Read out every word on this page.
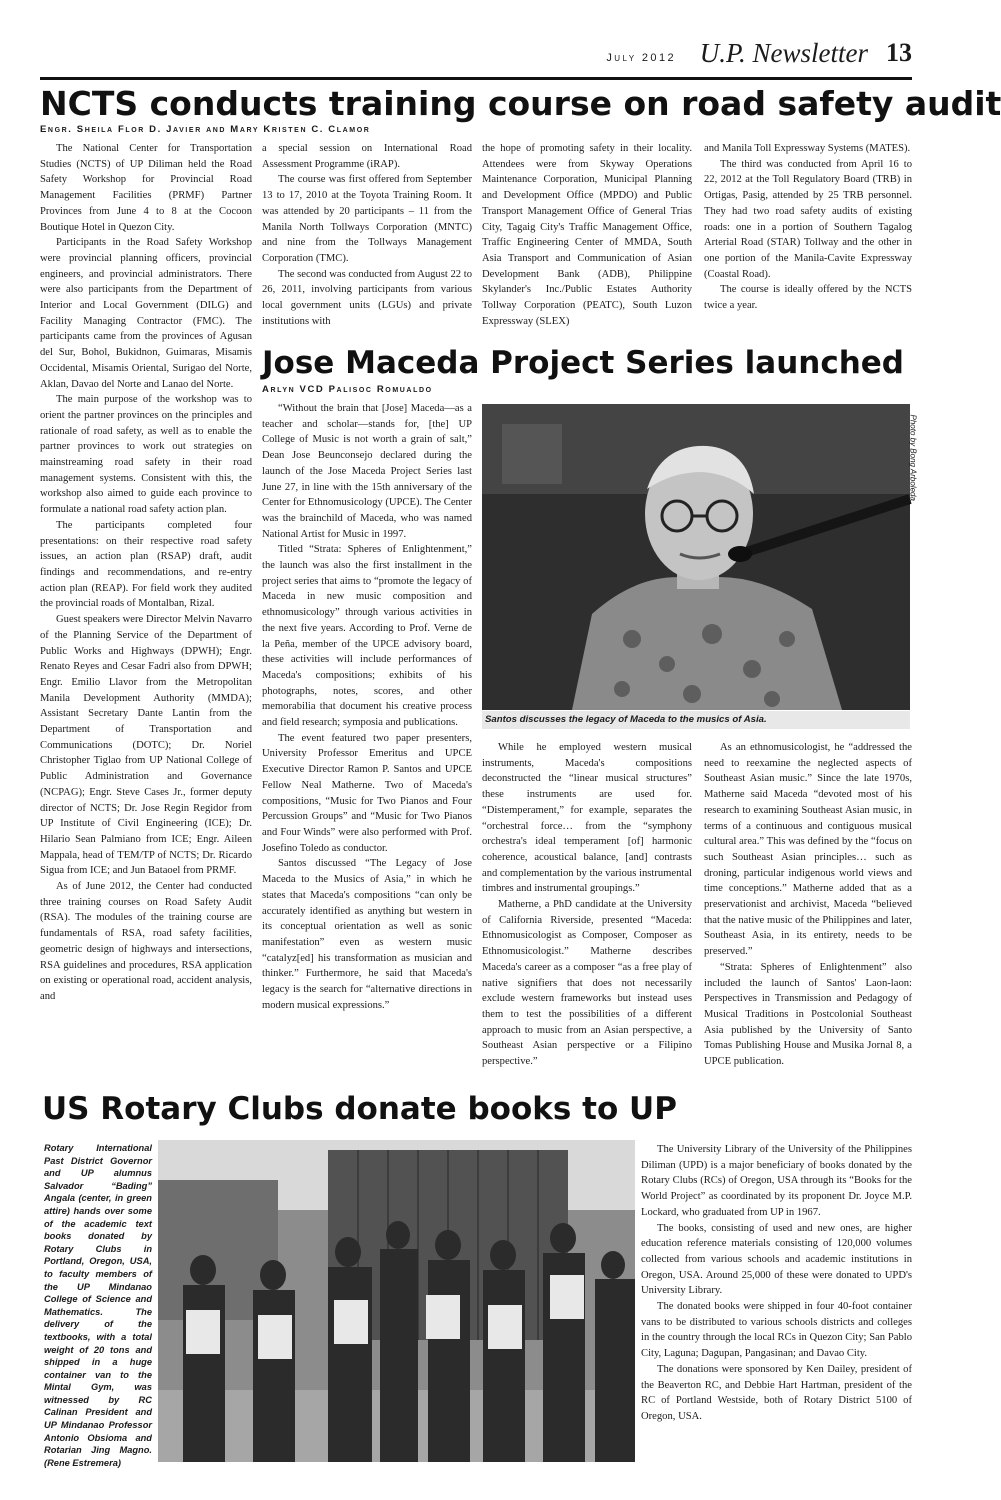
July 2012 U.P. Newsletter 13
NCTS conducts training course on road safety audit
Engr. Sheila Flor D. Javier and Mary Kristen C. Clamor

The National Center for Transportation Studies (NCTS) of UP Diliman held the Road Safety Workshop for Provincial Road Management Facilities (PRMF) Partner Provinces from June 4 to 8 at the Cocoon Boutique Hotel in Quezon City.

Participants in the Road Safety Workshop were provincial planning officers, provincial engineers, and provincial administrators. There were also participants from the Department of Interior and Local Government (DILG) and Facility Managing Contractor (FMC). The participants came from the provinces of Agusan del Sur, Bohol, Bukidnon, Guimaras, Misamis Occidental, Misamis Oriental, Surigao del Norte, Aklan, Davao del Norte and Lanao del Norte.

The main purpose of the workshop was to orient the partner provinces on the principles and rationale of road safety, as well as to enable the partner provinces to work out strategies on mainstreaming road safety in their road management systems. Consistent with this, the workshop also aimed to guide each province to formulate a national road safety action plan.

The participants completed four presentations: on their respective road safety issues, an action plan (RSAP) draft, audit findings and recommendations, and re-entry action plan (REAP). For field work they audited the provincial roads of Montalban, Rizal.

Guest speakers were Director Melvin Navarro of the Planning Service of the Department of Public Works and Highways (DPWH); Engr. Renato Reyes and Cesar Fadri also from DPWH; Engr. Emilio Llavor from the Metropolitan Manila Development Authority (MMDA); Assistant Secretary Dante Lantin from the Department of Transportation and Communications (DOTC); Dr. Noriel Christopher Tiglao from UP National College of Public Administration and Governance (NCPAG); Engr. Steve Cases Jr., former deputy director of NCTS; Dr. Jose Regin Regidor from UP Institute of Civil Engineering (ICE); Dr. Hilario Sean Palmiano from ICE; Engr. Aileen Mappala, head of TEM/TP of NCTS; Dr. Ricardo Sigua from ICE; and Jun Bataoel from PRMF.

As of June 2012, the Center had conducted three training courses on Road Safety Audit (RSA). The modules of the training course are fundamentals of RSA, road safety facilities, geometric design of highways and intersections, RSA guidelines and procedures, RSA application on existing or operational road, accident analysis, and

a special session on International Road Assessment Programme (iRAP).

The course was first offered from September 13 to 17, 2010 at the Toyota Training Room. It was attended by 20 participants – 11 from the Manila North Tollways Corporation (MNTC) and nine from the Tollways Management Corporation (TMC).

The second was conducted from August 22 to 26, 2011, involving participants from various local government units (LGUs) and private institutions with

the hope of promoting safety in their locality. Attendees were from Skyway Operations Maintenance Corporation, Municipal Planning and Development Office (MPDO) and Public Transport Management Office of General Trias City, Tagaig City's Traffic Management Office, Traffic Engineering Center of MMDA, South Asia Transport and Communication of Asian Development Bank (ADB), Philippine Skylander's Inc./Public Estates Authority Tollway Corporation (PEATC), South Luzon Expressway (SLEX)

and Manila Toll Expressway Systems (MATES).

The third was conducted from April 16 to 22, 2012 at the Toll Regulatory Board (TRB) in Ortigas, Pasig, attended by 25 TRB personnel. They had two road safety audits of existing roads: one in a portion of Southern Tagalog Arterial Road (STAR) Tollway and the other in one portion of the Manila-Cavite Expressway (Coastal Road).

The course is ideally offered by the NCTS twice a year.

Jose Maceda Project Series launched
Arlyn VCD Palisoc Romualdo

“Without the brain that [Jose] Maceda—as a teacher and scholar—stands for, [the] UP College of Music is not worth a grain of salt,” Dean Jose Beunconsejo declared during the launch of the Jose Maceda Project Series last June 27, in line with the 15th anniversary of the Center for Ethnomusicology (UPCE). The Center was the brainchild of Maceda, who was named National Artist for Music in 1997.

Titled “Strata: Spheres of Enlightenment,” the launch was also the first installment in the project series that aims to “promote the legacy of Maceda in new music composition and ethnomusicology” through various activities in the next five years. According to Prof. Verne de la Peña, member of the UPCE advisory board, these activities will include performances of Maceda's compositions; exhibits of his photographs, notes, scores, and other memorabilia that document his creative process and field research; symposia and publications.

The event featured two paper presenters, University Professor Emeritus and UPCE Executive Director Ramon P. Santos and UPCE Fellow Neal Matherne. Two of Maceda's compositions, “Music for Two Pianos and Four Percussion Groups” and “Music for Two Pianos and Four Winds” were also performed with Prof. Josefino Toledo as conductor.

Santos discussed “The Legacy of Jose Maceda to the Musics of Asia,” in which he states that Maceda's compositions “can only be accurately identified as anything but western in its conceptual orientation as well as sonic manifestation” even as western music “catalyz[ed] his transformation as musician and thinker.” Furthermore, he said that Maceda's legacy is the search for “alternative directions in modern musical expressions.”

Santos discusses the legacy of Maceda to the musics of Asia.
Photo by Bong Arboleda

While he employed western musical instruments, Maceda's compositions deconstructed the “linear musical structures” these instruments are used for. “Distemperament,” for example, separates the “orchestral force… from the “symphony orchestra's ideal temperament [of] harmonic coherence, acoustical balance, [and] contrasts and complementation by the various instrumental timbres and instrumental groupings.”

Matherne, a PhD candidate at the University of California Riverside, presented “Maceda: Ethnomusicologist as Composer, Composer as Ethnomusicologist.” Matherne describes Maceda's career as a composer “as a free play of native signifiers that does not necessarily exclude western frameworks but instead uses them to test the possibilities of a different approach to music from an Asian perspective, a Southeast Asian perspective or a Filipino perspective.”

As an ethnomusicologist, he “addressed the need to reexamine the neglected aspects of Southeast Asian music.” Since the late 1970s, Matherne said Maceda “devoted most of his research to examining Southeast Asian music, in terms of a continuous and contiguous musical cultural area.” This was defined by the “focus on such Southeast Asian principles… such as droning, particular indigenous world views and time conceptions.” Matherne added that as a preservationist and archivist, Maceda “believed that the native music of the Philippines and later, Southeast Asia, in its entirety, needs to be preserved.”

“Strata: Spheres of Enlightenment” also included the launch of Santos' Laon-laon: Perspectives in Transmission and Pedagogy of Musical Traditions in Postcolonial Southeast Asia published by the University of Santo Tomas Publishing House and Musika Jornal 8, a UPCE publication.

US Rotary Clubs donate books to UP
Rotary International Past District Governor and UP alumnus Salvador “Bading” Angala (center, in green attire) hands over some of the academic text books donated by Rotary Clubs in Portland, Oregon, USA, to faculty members of the UP Mindanao College of Science and Mathematics. The delivery of the textbooks, with a total weight of 20 tons and shipped in a huge container van to the Mintal Gym, was witnessed by RC Calinan President and UP Mindanao Professor Antonio Obsioma and Rotarian Jing Magno. (Rene Estremera)

The University Library of the University of the Philippines Diliman (UPD) is a major beneficiary of books donated by the Rotary Clubs (RCs) of Oregon, USA through its “Books for the World Project” as coordinated by its proponent Dr. Joyce M.P. Lockard, who graduated from UP in 1967.

The books, consisting of used and new ones, are higher education reference materials consisting of 120,000 volumes collected from various schools and academic institutions in Oregon, USA. Around 25,000 of these were donated to UPD's University Library.

The donated books were shipped in four 40-foot container vans to be distributed to various schools districts and colleges in the country through the local RCs in Quezon City; San Pablo City, Laguna; Dagupan, Pangasinan; and Davao City.

The donations were sponsored by Ken Dailey, president of the Beaverton RC, and Debbie Hart Hartman, president of the RC of Portland Westside, both of Rotary District 5100 of Oregon, USA.
